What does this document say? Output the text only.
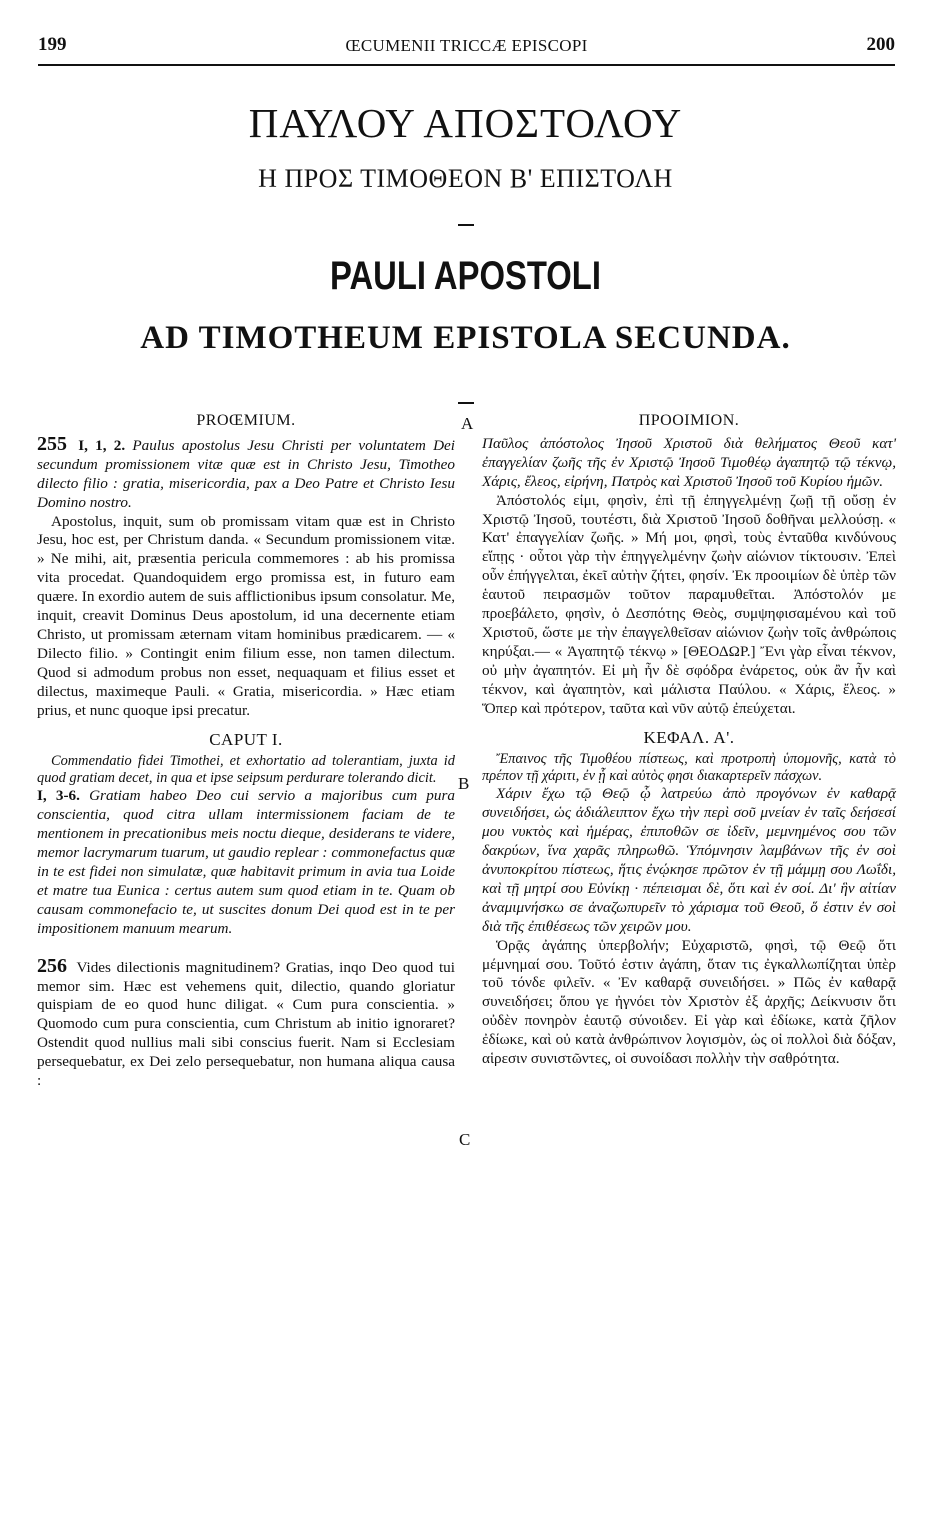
199	ŒCUMENII TRICCÆ EPISCOPI	200
ΠΑΥΛΟΥ ΑΠΟΣΤΟΛΟΥ
Η ΠΡΟΣ ΤΙΜΟΘΕΟΝ Β' ΕΠΙΣΤΟΛΗ
PAULI APOSTOLI
AD TIMOTHEUM EPISTOLA SECUNDA.
A
B
C
PROŒMIUM.

255 I, 1, 2. Paulus apostolus Jesu Christi per voluntatem Dei secundum promissionem vitæ quæ est in Christo Jesu, Timotheo dilecto filio : gratia, misericordia, pax a Deo Patre et Christo Iesu Domino nostro.

Apostolus, inquit, sum ob promissam vitam quæ est in Christo Jesu, hoc est, per Christum danda. « Secundum promissionem vitæ. » Ne mihi, ait, præsentia pericula commemores : ab his promissa vita procedat. Quandoquidem ergo promissa est, in futuro eam quære. In exordio autem de suis afflictionibus ipsum consolatur. Me, inquit, creavit Dominus Deus apostolum, id una decernente etiam Christo, ut promissam æternam vitam hominibus prædicarem. — « Dilecto filio. » Contingit enim filium esse, non tamen dilectum. Quod si admodum probus non esset, nequaquam et filius esset et dilectus, maximeque Pauli. « Gratia, misericordia. » Hæc etiam prius, et nunc quoque ipsi precatur.

CAPUT I.

Commendatio fidei Timothei, et exhortatio ad tolerantiam, juxta id quod gratiam decet, in qua et ipse seipsum perdurare tolerando dicit.

I, 3-6. Gratiam habeo Deo cui servio a majoribus cum pura conscientia, quod citra ullam intermissionem faciam de te mentionem in precationibus meis noctu dieque, desiderans te videre, memor lacrymarum tuarum, ut gaudio replear : commonefactus quæ in te est fidei non simulatæ, quæ habitavit primum in avia tua Loide et matre tua Eunica : certus autem sum quod etiam in te. Quam ob causam commonefacio te, ut suscites donum Dei quod est in te per impositionem manuum mearum.

256 Vides dilectionis magnitudinem? Gratias, inqo Deo quod tui memor sim. Hæc est vehemens quit, dilectio, quando gloriatur quispiam de eo quod hunc diligat. « Cum pura conscientia. » Quomodo cum pura conscientia, cum Christum ab initio ignoraret? Ostendit quod nullius mali sibi conscius fuerit. Nam si Ecclesiam persequebatur, ex Dei zelo persequebatur, non humana aliqua causa :

ΠΡΟΟΙΜΙΟΝ.

Παῦλος ἀπόστολος Ἰησοῦ Χριστοῦ διὰ θελήματος Θεοῦ κατ' ἐπαγγελίαν ζωῆς τῆς ἐν Χριστῷ Ἰησοῦ Τιμοθέῳ ἀγαπητῷ τῷ τέκνῳ, Χάρις, ἔλεος, εἰρήνη, Πατρὸς καὶ Χριστοῦ Ἰησοῦ τοῦ Κυρίου ἡμῶν.

Ἀπόστολός εἰμι, φησὶν, ἐπὶ τῇ ἐπηγγελμένῃ ζωῇ τῇ οὔσῃ ἐν Χριστῷ Ἰησοῦ, τουτέστι, διὰ Χριστοῦ Ἰησοῦ δοθῆναι μελλούσῃ. « Κατ' ἐπαγγελίαν ζωῆς. » Μή μοι, φησὶ, τοὺς ἐνταῦθα κινδύνους εἴπῃς · οὗτοι γὰρ τὴν ἐπηγγελμένην ζωὴν αἰώνιον τίκτουσιν. Ἐπεὶ οὖν ἐπήγγελται, ἐκεῖ αὐτὴν ζήτει, φησίν. Ἐκ προοιμίων δὲ ὑπὲρ τῶν ἑαυτοῦ πειρασμῶν τοῦτον παραμυθεῖται. Ἀπόστολόν με προεβάλετο, φησὶν, ὁ Δεσπότης Θεὸς, συμψηφισαμένου καὶ τοῦ Χριστοῦ, ὥστε με τὴν ἐπαγγελθεῖσαν αἰώνιον ζωὴν τοῖς ἀνθρώποις κηρύξαι.— « Ἀγαπητῷ τέκνῳ » [ΘΕΟΔΩΡ.] Ἔνι γὰρ εἶναι τέκνον, οὐ μὴν ἀγαπητόν. Εἰ μὴ ἦν δὲ σφόδρα ἐνάρετος, οὐκ ἂν ἦν καὶ τέκνον, καὶ ἀγαπητὸν, καὶ μάλιστα Παύλου. « Χάρις, ἔλεος. » Ὅπερ καὶ πρότερον, ταῦτα καὶ νῦν αὐτῷ ἐπεύχεται.

ΚΕΦΑΛ. Α'.

Ἔπαινος τῆς Τιμοθέου πίστεως, καὶ προτροπὴ ὑπομονῆς, κατὰ τὸ πρέπον τῇ χάριτι, ἐν ᾗ καὶ αὐτὸς φησι διακαρτερεῖν πάσχων.

Χάριν ἔχω τῷ Θεῷ ᾧ λατρεύω ἀπὸ προγόνων ἐν καθαρᾷ συνειδήσει, ὡς ἀδιάλειπτον ἔχω τὴν περὶ σοῦ μνείαν ἐν ταῖς δεήσεσί μου νυκτὸς καὶ ἡμέρας, ἐπιποθῶν σε ἰδεῖν, μεμνημένος σου τῶν δακρύων, ἵνα χαρᾶς πληρωθῶ. Ὑπόμνησιν λαμβάνων τῆς ἐν σοὶ ἀνυποκρίτου πίστεως, ἥτις ἐνῴκησε πρῶτον ἐν τῇ μάμμῃ σου Λωΐδι, καὶ τῇ μητρί σου Εὐνίκῃ · πέπεισμαι δὲ, ὅτι καὶ ἐν σοί. Δι' ἣν αἰτίαν ἀναμιμνήσκω σε ἀναζωπυρεῖν τὸ χάρισμα τοῦ Θεοῦ, ὅ ἐστιν ἐν σοὶ διὰ τῆς ἐπιθέσεως τῶν χειρῶν μου.

Ὁρᾷς ἀγάπης ὑπερβολήν; Εὐχαριστῶ, φησὶ, τῷ Θεῷ ὅτι μέμνημαί σου. Τοῦτό ἐστιν ἀγάπη, ὅταν τις ἐγκαλλωπίζηται ὑπὲρ τοῦ τόνδε φιλεῖν. « Ἐν καθαρᾷ συνειδήσει. » Πῶς ἐν καθαρᾷ συνειδήσει; ὅπου γε ἠγνόει τὸν Χριστὸν ἐξ ἀρχῆς; Δείκνυσιν ὅτι οὐδὲν πονηρὸν ἑαυτῷ σύνοιδεν. Εἰ γὰρ καὶ ἐδίωκε, κατὰ ζῆλον ἐδίωκε, καὶ οὐ κατὰ ἀνθρώπινον λογισμὸν, ὡς οἱ πολλοὶ διὰ δόξαν, αἱρεσιν συνιστῶντες, οἱ συνοίδασι πολλὴν τὴν σαθρότητα.
